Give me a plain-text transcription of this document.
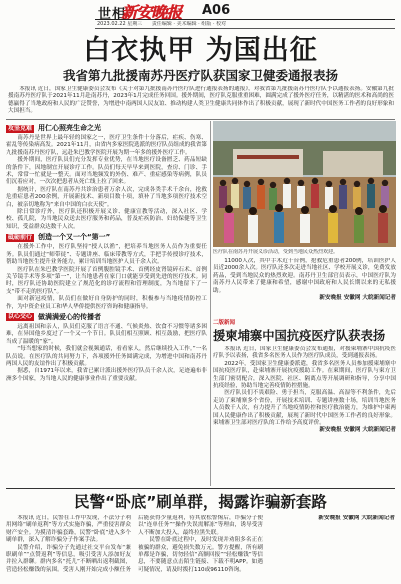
世相
新安晚报 A06
2023.02.22 星期三 责任编辑 · 美术编辑 · 组版 · 校对
白衣执甲 为国出征
我省第九批援南苏丹医疗队获国家卫健委通报表扬

本报讯 近日，国家卫生健康委员会发布《关于对第九批援南苏丹医疗队进行通报表扬的通报》，对我省第九批援南苏丹医疗队予以通报表扬。安徽第九批援南苏丹医疗队于2021年11月赴南苏丹，2023年1月完成任务回国。援外期间，医疗队克服重重困难，圆满完成了援外医疗任务，以精湛的医术和高尚的医德赢得了当地政府和人民的广泛赞誉，为增进中南两国人民友谊、推动构建人类卫生健康共同体作出了积极贡献，展现了新时代中国医务工作者的良好形象和大国担当。

攻坚克难 用仁心照亮生命之光

南苏丹是世界上最年轻的国家之一，医疗卫生条件十分落后，疟疾、伤寒、霍乱等传染病高发。2021年11月，由省内多家医院选派的医疗队员组成的我省第九批援南苏丹医疗队，远赴朱巴教学医院开展为期一年多的援外医疗工作。

援外期间，医疗队员们充分发挥专业优势，在当地医疗设备匮乏、药品短缺的条件下，因地制宜开展诊疗工作。队员们每天早早来到医院，查房、门诊、手术，常常一忙就是一整天。面对当地频发的外伤、难产、重症感染等病例，队员们沉着应对，一次次把患者从死亡线上拉了回来。

据统计，医疗队在南苏丹共诊治患者万余人次，完成各类手术千余台，抢救危重症患者200余例，开展新技术、新项目数十项，填补了当地多项医疗技术空白，被亲切地称为“来自中国的白衣天使”。

除日常诊疗外，医疗队还积极开展义诊、健康宣教等活动，深入社区、学校、孤儿院，为当地民众送去医疗服务和药品，普及疟疾防治、妇幼保健等卫生知识，受益群众达数千人次。

砥砺前行 创造一个又一个“第一”

在援外工作中，医疗队坚持“授人以渔”，把培养当地医务人员作为重要任务。队员们通过“师带徒”、专题讲座、临床带教等方式，手把手传授诊疗技术，帮助当地医生提升业务能力，累计培训当地医护人员千余人次。

医疗队在朱巴教学医院开展了首例腹腔镜手术、首例经皮肾镜碎石术、首例关节镜手术等多项“第一”，让当地患者在家门口就能享受到先进的医疗技术。同时，医疗队还协助医院建立了规范化的诊疗流程和管理制度，为当地留下了一支“带不走的医疗队”。

面对新冠疫情，队员们在做好自身防护的同时，积极参与当地疫情防控工作，为中资企业员工和华人华侨提供医疗咨询和健康指导。

以心交心 做满满爱心的传播者

远离祖国和亲人，队员们克服了语言不通、气候炎热、饮食不习惯等诸多困难，在异国他乡度过了一个又一个节日。队员们相互照顾、相互鼓励，把医疗队当成了温暖的“家”。

“每当想家的时候，我们就会视频通话，看看家人，然后继续投入工作。”一名队员说。在医疗队的共同努力下，各项援外任务圆满完成，为增进中国和南苏丹两国人民的友谊作出了积极贡献。

据悉，自1971年以来，我省已累计派出援外医疗队员千余人次，足迹遍布非洲多个国家，为当地人民的健康事业作出了重要贡献。

医疗队在南苏丹开展义诊活动，受到当地民众热烈欢迎。

11000人次，其中手术近千台例，抢救危重患者200例，培训医护人员近2000余人次。医疗队还多次走进当地社区、学校开展义诊，免费发放药品，受到当地民众的热烈欢迎。南苏丹卫生部官员表示，中国医疗队为南苏丹人民带来了健康和希望，感谢中国政府和人民长期以来的无私援助。

新安晚报 安徽网 大皖新闻记者

二版新闻
援柬埔寨中国抗疫医疗队获表扬

本报讯 近日，国家卫生健康委员会发布通报，对援柬埔寨中国抗疫医疗队予以表扬，我省多名医务人员作为医疗队成员，受到通报表扬。

2022年，受国家卫生健康委派遣，我省多名医务人员参加援柬埔寨中国抗疫医疗队，赴柬埔寨开展抗疫援助工作。在柬期间，医疗队与柬方卫生部门密切配合，深入医院、社区、隔离点等开展调研和指导，分享中国抗疫经验，协助当地完善疫情防控措施。

医疗队员们不畏艰险、勇于担当，克服高温、高湿等不利条件，先后走访了柬埔寨多个省份，开展技术培训、专题讲座数十场，培训当地医务人员数千人次，有力提升了当地疫情防控和医疗救治能力，为维护中柬两国人民健康作出了积极贡献，展现了新时代中国医务工作者的良好形象。柬埔寨卫生部对医疗队的工作给予高度评价。

新安晚报 安徽网 大皖新闻记者

民警“卧底”刷单群，揭露诈骗新套路

本报讯 近日，民警在工作中发现，不法分子利用网络“刷单返利”等方式实施诈骗，严重侵害群众财产安全。为摸清诈骗套路，民警“卧底”进入多个刷单群，深入了解诈骗分子作案手法。

民警介绍，诈骗分子先通过社交平台发布“兼职刷单”“点赞返利”等信息，吸引受害人添加好友并拉入群聊。群内多名“托儿”不断晒出返利截图，营造轻松赚钱的氛围。受害人刚开始完成小额任务后能获得少量返利，待其放松警惕后，诈骗分子便以“连单任务”“操作失误需解冻”等理由，诱导受害人不断加大投入，最终拉黑失联。

民警在卧底过程中，及时发现并劝阻多名正在被骗的群众，避免损失数万元。警方提醒，所有刷单都是诈骗，切勿轻信“高额回报”“轻松赚钱”等信息，不要随意点击陌生链接、下载不明APP。如遇可疑情况，请及时拨打110或96110咨询。

新安晚报 安徽网 大皖新闻记者
